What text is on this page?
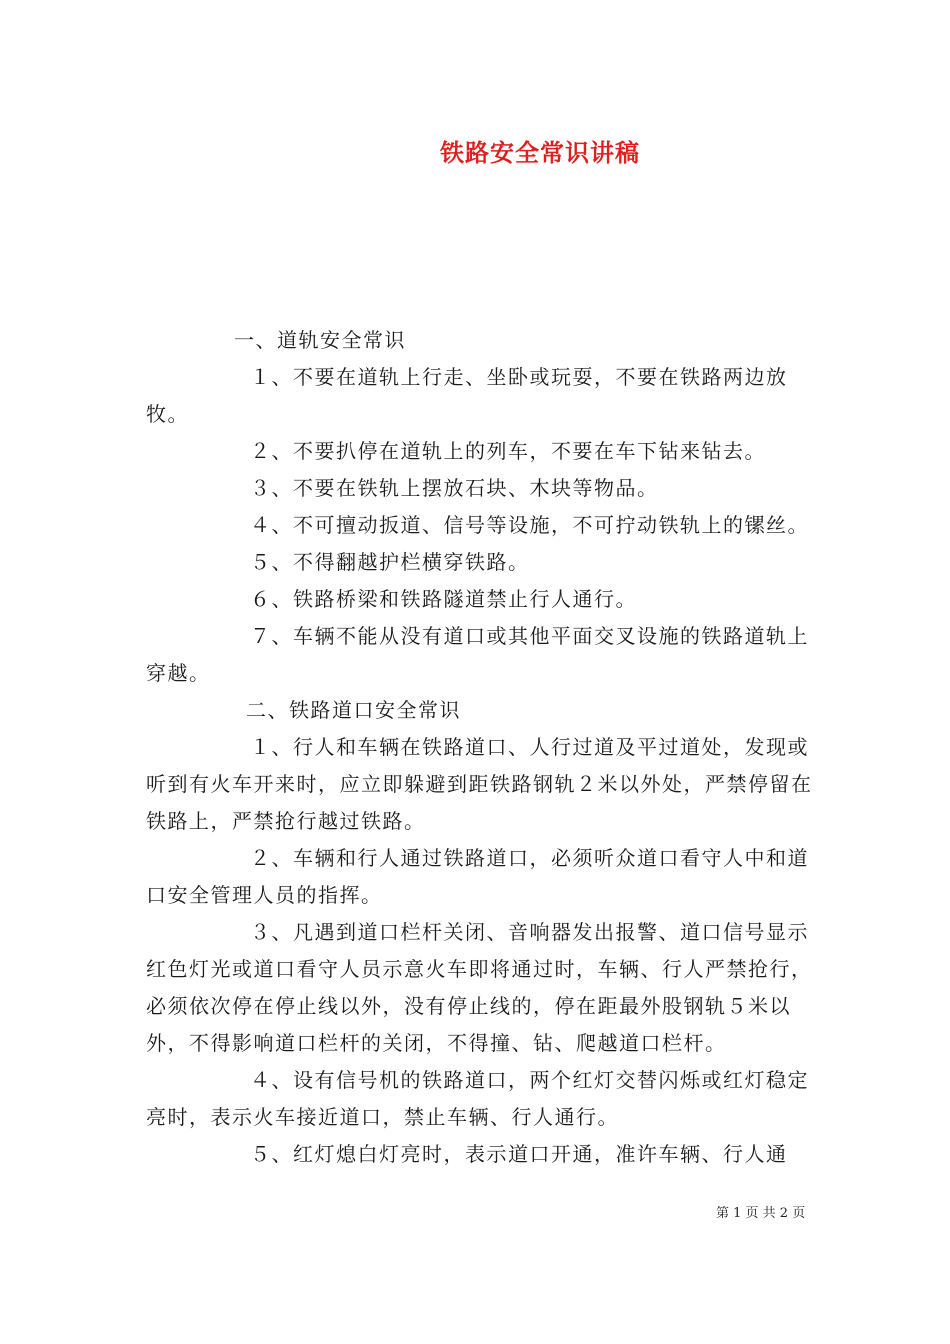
铁路安全常识讲稿

一、道轨安全常识

１、不要在道轨上行走、坐卧或玩耍，不要在铁路两边放牧。

２、不要扒停在道轨上的列车，不要在车下钻来钻去。

３、不要在铁轨上摆放石块、木块等物品。

４、不可擅动扳道、信号等设施，不可拧动铁轨上的镙丝。

５、不得翻越护栏横穿铁路。

６、铁路桥梁和铁路隧道禁止行人通行。

７、车辆不能从没有道口或其他平面交叉设施的铁路道轨上穿越。

二、铁路道口安全常识

１、行人和车辆在铁路道口、人行过道及平过道处，发现或听到有火车开来时，应立即躲避到距铁路钢轨２米以外处，严禁停留在铁路上，严禁抢行越过铁路。

２、车辆和行人通过铁路道口，必须听众道口看守人中和道口安全管理人员的指挥。

３、凡遇到道口栏杆关闭、音响器发出报警、道口信号显示红色灯光或道口看守人员示意火车即将通过时，车辆、行人严禁抢行，必须依次停在停止线以外，没有停止线的，停在距最外股钢轨５米以外，不得影响道口栏杆的关闭，不得撞、钻、爬越道口栏杆。

４、设有信号机的铁路道口，两个红灯交替闪烁或红灯稳定亮时，表示火车接近道口，禁止车辆、行人通行。

５、红灯熄白灯亮时，表示道口开通，准许车辆、行人通

第 1 页 共 2 页
